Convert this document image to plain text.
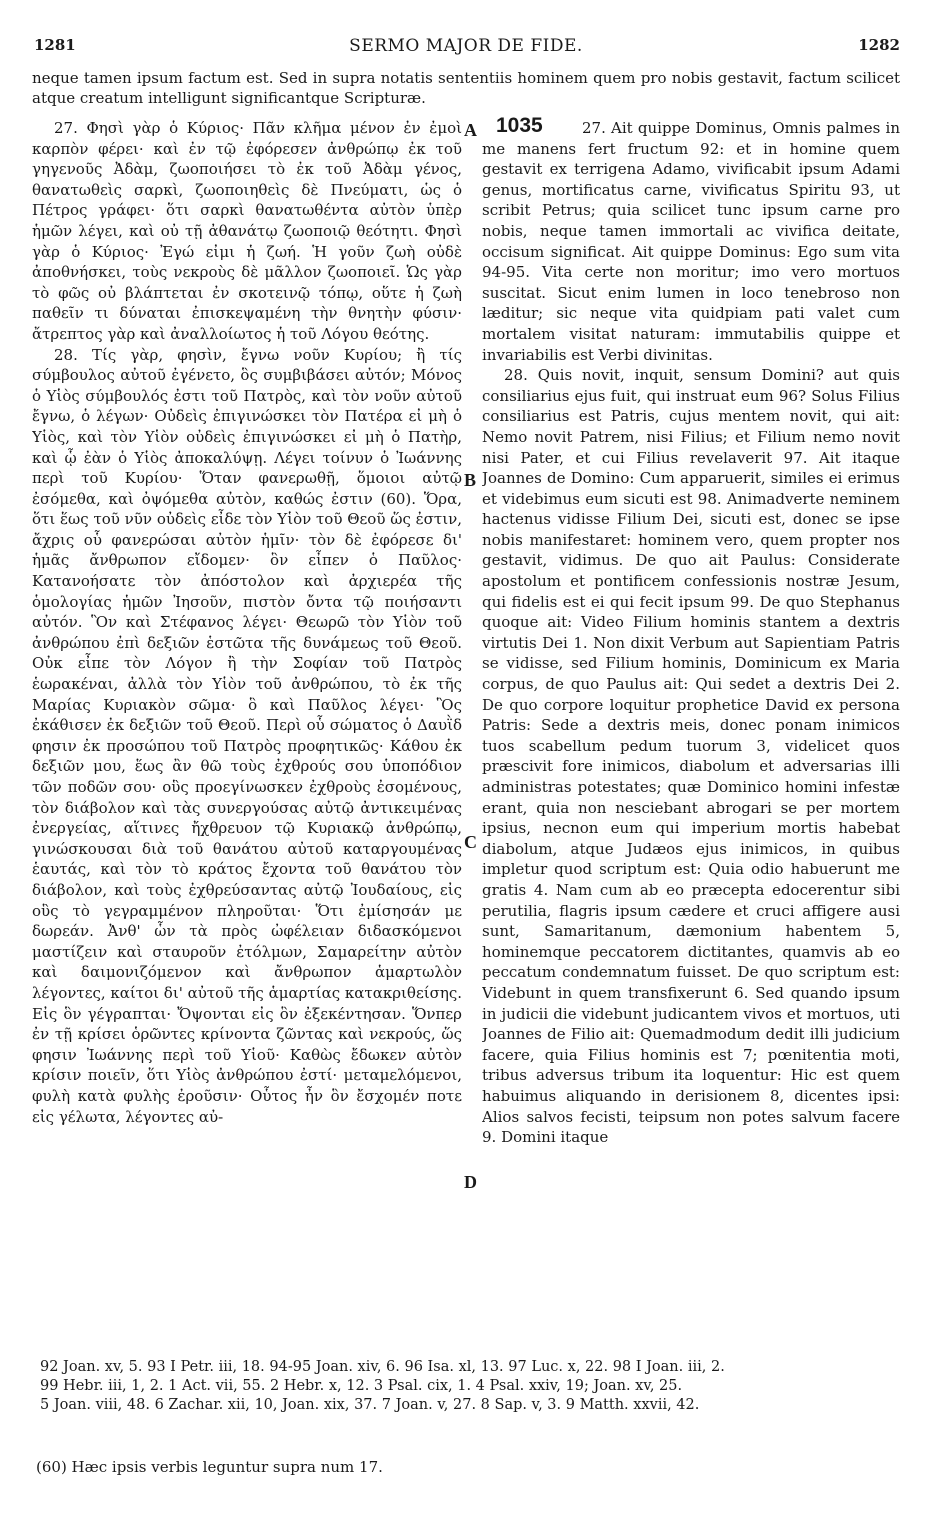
1281	SERMO MAJOR DE FIDE.	1282
neque tamen ipsum factum est. Sed in supra notatis sententiis hominem quem pro nobis gestavit, factum scilicet atque creatum intelligunt significantque Scripturæ.
1035
A
B
C
D

27. Φησὶ γὰρ ὁ Κύριος· Πᾶν κλῆμα μένον ἐν ἐμοὶ καρπὸν φέρει· καὶ ἐν τῷ ἐφόρεσεν ἀνθρώπῳ ἐκ τοῦ γηγενοῦς Ἀδὰμ, ζωοποιήσει τὸ ἐκ τοῦ Ἀδὰμ γένος, θανατωθεὶς σαρκὶ, ζωοποιηθεὶς δὲ Πνεύματι, ὡς ὁ Πέτρος γράφει· ὅτι σαρκὶ θανατωθέντα αὐτὸν ὑπὲρ ἡμῶν λέγει, καὶ οὐ τῇ ἀθανάτῳ ζωοποιῷ θεότητι. Φησὶ γὰρ ὁ Κύριος· Ἐγώ εἰμι ἡ ζωή. Ἡ γοῦν ζωὴ οὐδὲ ἀποθνήσκει, τοὺς νεκροὺς δὲ μᾶλλον ζωοποιεῖ. Ὡς γὰρ τὸ φῶς οὐ βλάπτεται ἐν σκοτεινῷ τόπῳ, οὕτε ἡ ζωὴ παθεῖν τι δύναται ἐπισκεψαμένη τὴν θνητὴν φύσιν· ἄτρεπτος γὰρ καὶ ἀναλλοίωτος ἡ τοῦ Λόγου θεότης.

28. Τίς γὰρ, φησὶν, ἔγνω νοῦν Κυρίου; ἢ τίς σύμβουλος αὐτοῦ ἐγένετο, ὃς συμβιβάσει αὐτόν; Μόνος ὁ Υἱὸς σύμβουλός ἐστι τοῦ Πατρὸς, καὶ τὸν νοῦν αὐτοῦ ἔγνω, ὁ λέγων· Οὐδεὶς ἐπιγινώσκει τὸν Πατέρα εἰ μὴ ὁ Υἱὸς, καὶ τὸν Υἱὸν οὐδεὶς ἐπιγινώσκει εἰ μὴ ὁ Πατὴρ, καὶ ᾧ ἐὰν ὁ Υἱὸς ἀποκαλύψῃ. Λέγει τοίνυν ὁ Ἰωάννης περὶ τοῦ Κυρίου· Ὅταν φανερωθῇ, ὅμοιοι αὐτῷ ἐσόμεθα, καὶ ὀψόμεθα αὐτὸν, καθώς ἐστιν (60). Ὅρα, ὅτι ἕως τοῦ νῦν οὐδεὶς εἶδε τὸν Υἱὸν τοῦ Θεοῦ ὥς ἐστιν, ἄχρις οὗ φανερώσαι αὐτὸν ἡμῖν· τὸν δὲ ἐφόρεσε δι' ἡμᾶς ἄνθρωπον εἴδομεν· ὃν εἶπεν ὁ Παῦλος· Κατανοήσατε τὸν ἀπόστολον καὶ ἀρχιερέα τῆς ὁμολογίας ἡμῶν Ἰησοῦν, πιστὸν ὄντα τῷ ποιήσαντι αὐτόν. Ὃν καὶ Στέφανος λέγει· Θεωρῶ τὸν Υἱὸν τοῦ ἀνθρώπου ἐπὶ δεξιῶν ἑστῶτα τῆς δυνάμεως τοῦ Θεοῦ. Οὐκ εἶπε τὸν Λόγον ἢ τὴν Σοφίαν τοῦ Πατρὸς ἑωρακέναι, ἀλλὰ τὸν Υἱὸν τοῦ ἀνθρώπου, τὸ ἐκ τῆς Μαρίας Κυριακὸν σῶμα· ὃ καὶ Παῦλος λέγει· Ὃς ἐκάθισεν ἐκ δεξιῶν τοῦ Θεοῦ. Περὶ οὗ σώματος ὁ Δαυῒδ φησιν ἐκ προσώπου τοῦ Πατρὸς προφητικῶς· Κάθου ἐκ δεξιῶν μου, ἕως ἂν θῶ τοὺς ἐχθρούς σου ὑποπόδιον τῶν ποδῶν σου· οὓς προεγίνωσκεν ἐχθροὺς ἐσομένους, τὸν διάβολον καὶ τὰς συνεργούσας αὐτῷ ἀντικειμένας ἐνεργείας, αἵτινες ἤχθρευον τῷ Κυριακῷ ἀνθρώπῳ, γινώσκουσαι διὰ τοῦ θανάτου αὐτοῦ καταργουμένας ἑαυτάς, καὶ τὸν τὸ κράτος ἔχοντα τοῦ θανάτου τὸν διάβολον, καὶ τοὺς ἐχθρεύσαντας αὐτῷ Ἰουδαίους, εἰς οὓς τὸ γεγραμμένον πληροῦται· Ὅτι ἐμίσησάν με δωρεάν. Ἀνθ' ὧν τὰ πρὸς ὠφέλειαν διδασκόμενοι μαστίζειν καὶ σταυροῦν ἐτόλμων, Σαμαρείτην αὐτὸν καὶ δαιμονιζόμενον καὶ ἄνθρωπον ἁμαρτωλὸν λέγοντες, καίτοι δι' αὐτοῦ τῆς ἁμαρτίας κατακριθείσης. Εἰς ὃν γέγραπται· Ὄψονται εἰς ὃν ἐξεκέντησαν. Ὅνπερ ἐν τῇ κρίσει ὁρῶντες κρίνοντα ζῶντας καὶ νεκρούς, ὥς φησιν Ἰωάννης περὶ τοῦ Υἱοῦ· Καθὼς ἔδωκεν αὐτὸν κρίσιν ποιεῖν, ὅτι Υἱὸς ἀνθρώπου ἐστί· μεταμελόμενοι, φυλὴ κατὰ φυλὴς ἐροῦσιν· Οὗτος ἦν ὃν ἔσχομέν ποτε εἰς γέλωτα, λέγοντες αὐ-

27. Ait quippe Dominus, Omnis palmes in me manens fert fructum 92: et in homine quem gestavit ex terrigena Adamo, vivificabit ipsum Adami genus, mortificatus carne, vivificatus Spiritu 93, ut scribit Petrus; quia scilicet tunc ipsum carne pro nobis, neque tamen immortali ac vivifica deitate, occisum significat. Ait quippe Dominus: Ego sum vita 94-95. Vita certe non moritur; imo vero mortuos suscitat. Sicut enim lumen in loco tenebroso non læditur; sic neque vita quidpiam pati valet cum mortalem visitat naturam: immutabilis quippe et invariabilis est Verbi divinitas.

28. Quis novit, inquit, sensum Domini? aut quis consiliarius ejus fuit, qui instruat eum 96? Solus Filius consiliarius est Patris, cujus mentem novit, qui ait: Nemo novit Patrem, nisi Filius; et Filium nemo novit nisi Pater, et cui Filius revelaverit 97. Ait itaque Joannes de Domino: Cum apparuerit, similes ei erimus et videbimus eum sicuti est 98. Animadverte neminem hactenus vidisse Filium Dei, sicuti est, donec se ipse nobis manifestaret: hominem vero, quem propter nos gestavit, vidimus. De quo ait Paulus: Considerate apostolum et pontificem confessionis nostræ Jesum, qui fidelis est ei qui fecit ipsum 99. De quo Stephanus quoque ait: Video Filium hominis stantem a dextris virtutis Dei 1. Non dixit Verbum aut Sapientiam Patris se vidisse, sed Filium hominis, Dominicum ex Maria corpus, de quo Paulus ait: Qui sedet a dextris Dei 2. De quo corpore loquitur prophetice David ex persona Patris: Sede a dextris meis, donec ponam inimicos tuos scabellum pedum tuorum 3, videlicet quos præscivit fore inimicos, diabolum et adversarias illi administras potestates; quæ Dominico homini infestæ erant, quia non nesciebant abrogari se per mortem ipsius, necnon eum qui imperium mortis habebat diabolum, atque Judæos ejus inimicos, in quibus impletur quod scriptum est: Quia odio habuerunt me gratis 4. Nam cum ab eo præcepta edocerentur sibi perutilia, flagris ipsum cædere et cruci affigere ausi sunt, Samaritanum, dæmonium habentem 5, hominemque peccatorem dictitantes, quamvis ab eo peccatum condemnatum fuisset. De quo scriptum est: Videbunt in quem transfixerunt 6. Sed quando ipsum in judicii die videbunt judicantem vivos et mortuos, uti Joannes de Filio ait: Quemadmodum dedit illi judicium facere, quia Filius hominis est 7; pœnitentia moti, tribus adversus tribum ita loquentur: Hic est quem habuimus aliquando in derisionem 8, dicentes ipsi: Alios salvos fecisti, teipsum non potes salvum facere 9. Domini itaque

92 Joan. xv, 5. 93 I Petr. iii, 18. 94-95 Joan. xiv, 6. 96 Isa. xl, 13. 97 Luc. x, 22. 98 I Joan. iii, 2.
99 Hebr. iii, 1, 2. 1 Act. vii, 55. 2 Hebr. x, 12. 3 Psal. cix, 1. 4 Psal. xxiv, 19; Joan. xv, 25.
5 Joan. viii, 48. 6 Zachar. xii, 10, Joan. xix, 37. 7 Joan. v, 27. 8 Sap. v, 3. 9 Matth. xxvii, 42.
(60) Hæc ipsis verbis leguntur supra num 17.
